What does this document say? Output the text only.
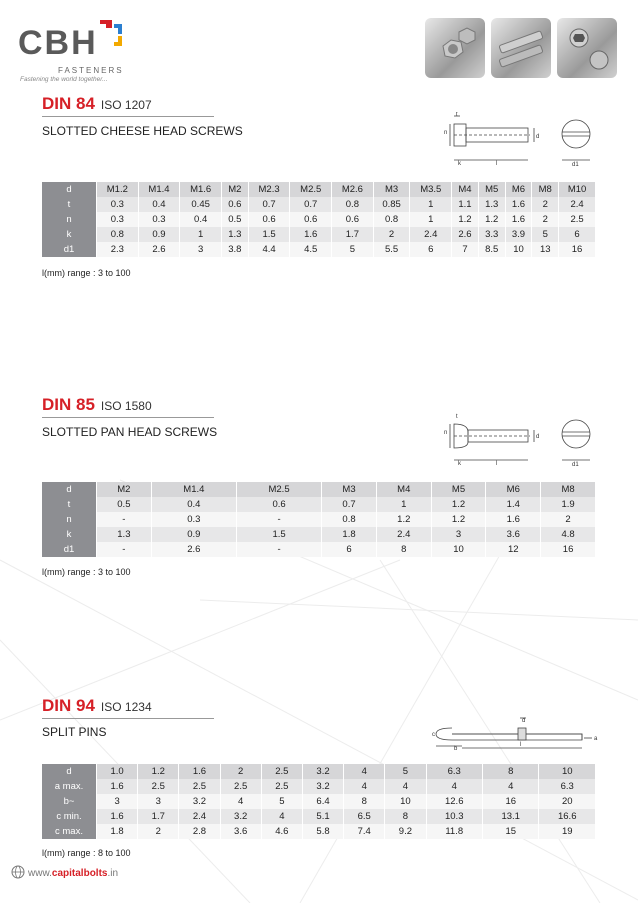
CBH
FASTENERS
Fastening the world together...
DIN 84 ISO 1207
SLOTTED CHEESE HEAD SCREWS
t
n
k	l
d
d1
d	M1.2	M1.4	M1.6	M2	M2.3	M2.5	M2.6	M3	M3.5	M4	M5	M6	M8	M10
t	0.3	0.4	0.45	0.6	0.7	0.7	0.8	0.85	1	1.1	1.3	1.6	2	2.4
n	0.3	0.3	0.4	0.5	0.6	0.6	0.6	0.8	1	1.2	1.2	1.6	2	2.5
k	0.8	0.9	1	1.3	1.5	1.6	1.7	2	2.4	2.6	3.3	3.9	5	6
d1	2.3	2.6	3	3.8	4.4	4.5	5	5.5	6	7	8.5	10	13	16
l(mm) range : 3 to 100
DIN 85 ISO 1580
SLOTTED PAN HEAD SCREWS
t
n
k	l
d
d1
d	M2	M1.4	M2.5	M3	M4	M5	M6	M8
t	0.5	0.4	0.6	0.7	1	1.2	1.4	1.9
n	-	0.3	-	0.8	1.2	1.2	1.6	2
k	1.3	0.9	1.5	1.8	2.4	3	3.6	4.8
d1	-	2.6	-	6	8	10	12	16
l(mm) range : 3 to 100
DIN 94 ISO 1234
SPLIT PINS
d
l
a
b
c
d	1.0	1.2	1.6	2	2.5	3.2	4	5	6.3	8	10
a max.	1.6	2.5	2.5	2.5	2.5	3.2	4	4	4	4	6.3
b~	3	3	3.2	4	5	6.4	8	10	12.6	16	20
c min.	1.6	1.7	2.4	3.2	4	5.1	6.5	8	10.3	13.1	16.6
c max.	1.8	2	2.8	3.6	4.6	5.8	7.4	9.2	11.8	15	19
l(mm) range : 8 to 100
www.capitalbolts.in
